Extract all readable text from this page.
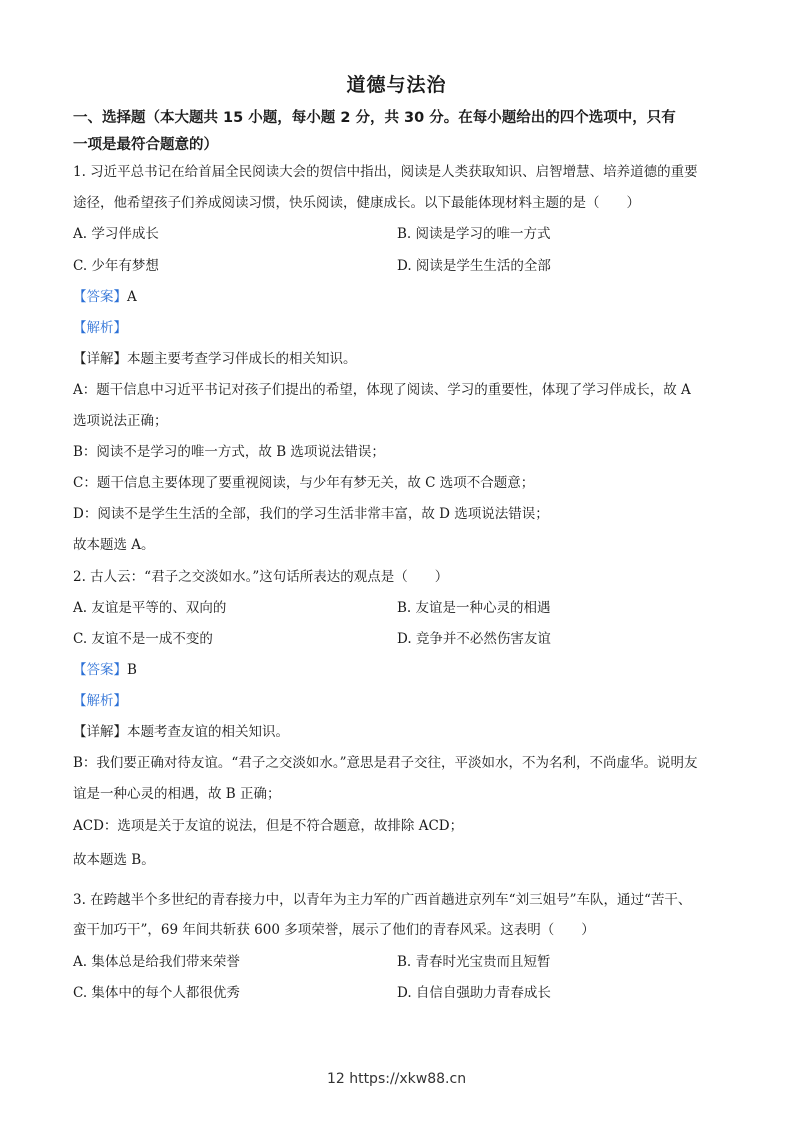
道德与法治
一、选择题（本大题共 15 小题，每小题 2 分，共 30 分。在每小题给出的四个选项中，只有
一项是最符合题意的）
1. 习近平总书记在给首届全民阅读大会的贺信中指出，阅读是人类获取知识、启智增慧、培养道德的重要
途径，他希望孩子们养成阅读习惯，快乐阅读，健康成长。以下最能体现材料主题的是（　　）
A. 学习伴成长	B. 阅读是学习的唯一方式
C. 少年有梦想	D. 阅读是学生生活的全部
【答案】A
【解析】
【详解】本题主要考查学习伴成长的相关知识。
A：题干信息中习近平书记对孩子们提出的希望，体现了阅读、学习的重要性，体现了学习伴成长，故 A
选项说法正确；
B：阅读不是学习的唯一方式，故 B 选项说法错误；
C：题干信息主要体现了要重视阅读，与少年有梦无关，故 C 选项不合题意；
D：阅读不是学生生活的全部，我们的学习生活非常丰富，故 D 选项说法错误；
故本题选 A。
2. 古人云：“君子之交淡如水。”这句话所表达的观点是（　　）
A. 友谊是平等的、双向的	B. 友谊是一种心灵的相遇
C. 友谊不是一成不变的	D. 竞争并不必然伤害友谊
【答案】B
【解析】
【详解】本题考查友谊的相关知识。
B：我们要正确对待友谊。“君子之交淡如水。”意思是君子交往，平淡如水，不为名利，不尚虚华。说明友
谊是一种心灵的相遇，故 B 正确；
ACD：选项是关于友谊的说法，但是不符合题意，故排除 ACD；
故本题选 B。
3. 在跨越半个多世纪的青春接力中，以青年为主力军的广西首趟进京列车“刘三姐号”车队，通过“苦干、
蛮干加巧干”，69 年间共斩获 600 多项荣誉，展示了他们的青春风采。这表明（　　）
A. 集体总是给我们带来荣誉	B. 青春时光宝贵而且短暂
C. 集体中的每个人都很优秀	D. 自信自强助力青春成长
12 https://xkw88.cn
